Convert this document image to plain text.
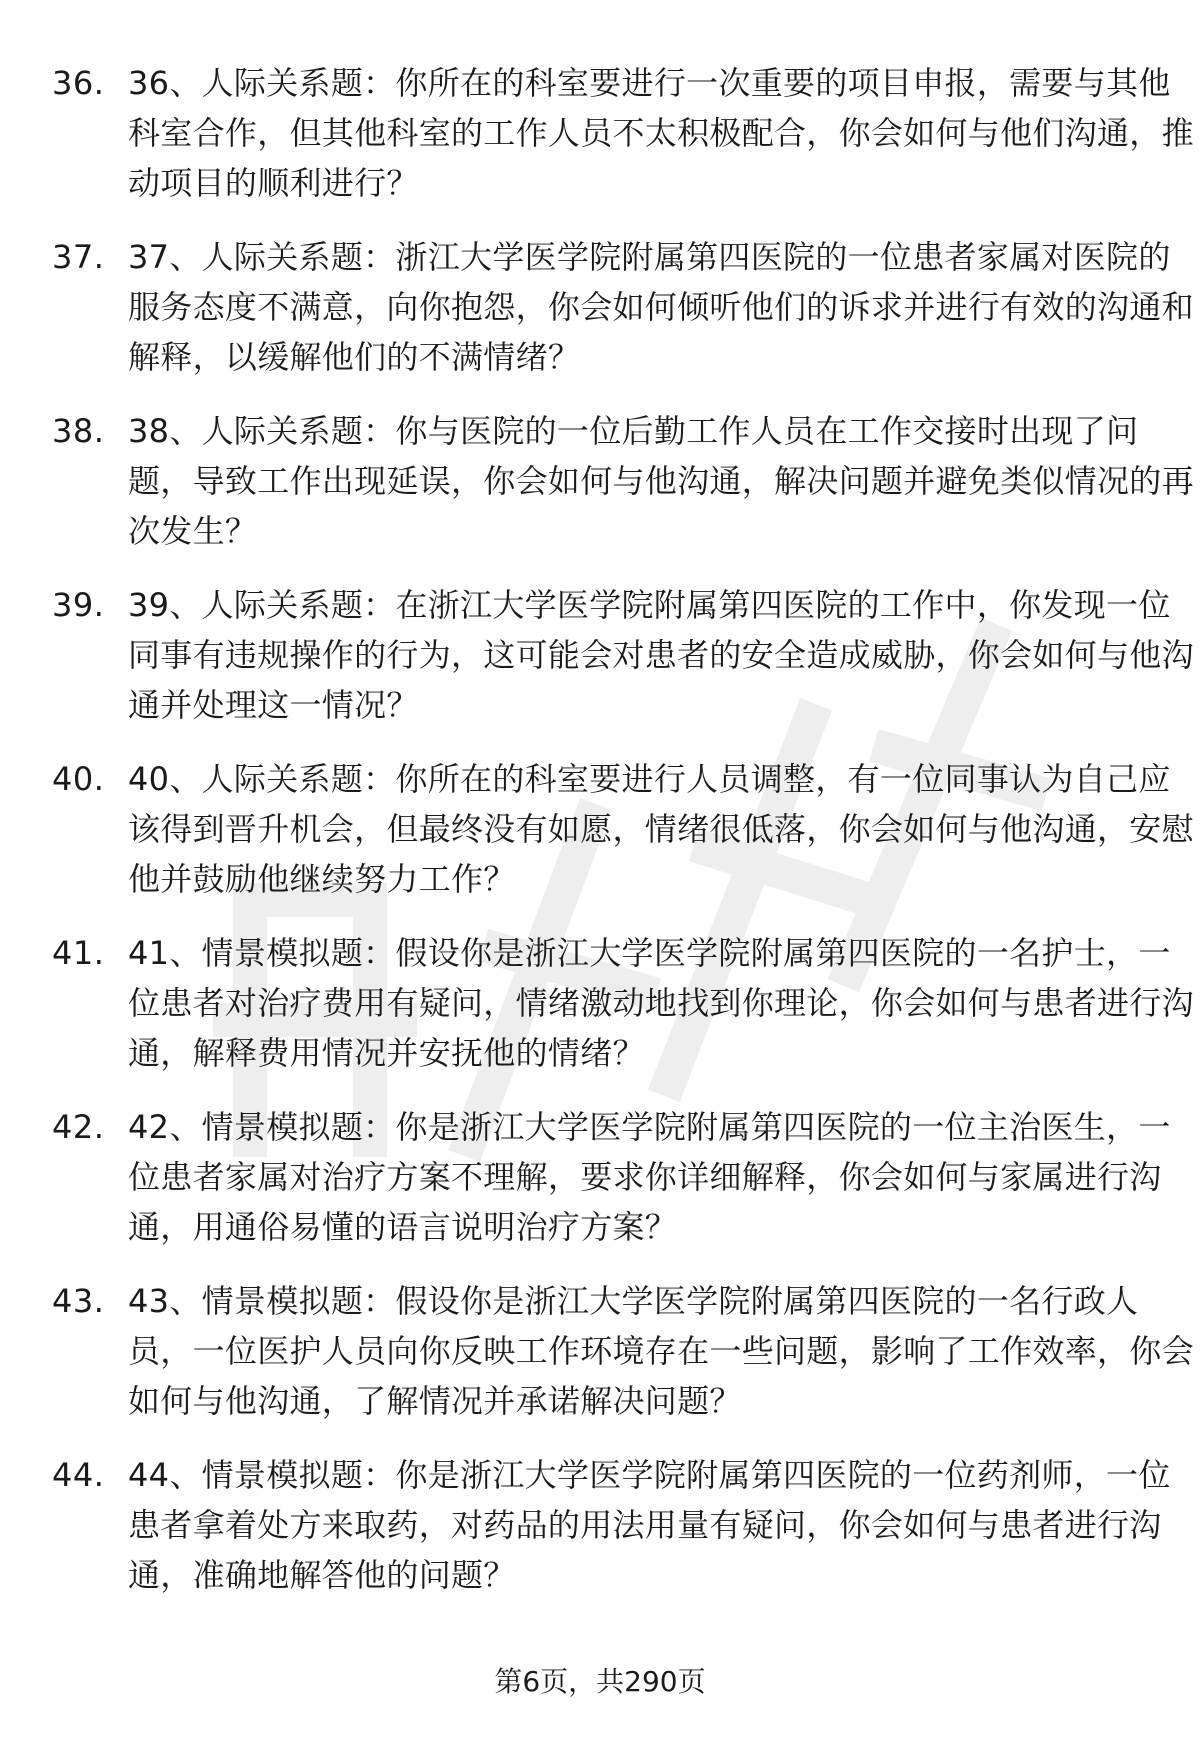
36. 36、人际关系题：你所在的科室要进行一次重要的项目申报，需要与其他科室合作，但其他科室的工作人员不太积极配合，你会如何与他们沟通，推动项目的顺利进行？
37. 37、人际关系题：浙江大学医学院附属第四医院的一位患者家属对医院的服务态度不满意，向你抱怨，你会如何倾听他们的诉求并进行有效的沟通和解释，以缓解他们的不满情绪？
38. 38、人际关系题：你与医院的一位后勤工作人员在工作交接时出现了问题，导致工作出现延误，你会如何与他沟通，解决问题并避免类似情况的再次发生？
39. 39、人际关系题：在浙江大学医学院附属第四医院的工作中，你发现一位同事有违规操作的行为，这可能会对患者的安全造成威胁，你会如何与他沟通并处理这一情况？
40. 40、人际关系题：你所在的科室要进行人员调整，有一位同事认为自己应该得到晋升机会，但最终没有如愿，情绪很低落，你会如何与他沟通，安慰他并鼓励他继续努力工作？
41. 41、情景模拟题：假设你是浙江大学医学院附属第四医院的一名护士，一位患者对治疗费用有疑问，情绪激动地找到你理论，你会如何与患者进行沟通，解释费用情况并安抚他的情绪？
42. 42、情景模拟题：你是浙江大学医学院附属第四医院的一位主治医生，一位患者家属对治疗方案不理解，要求你详细解释，你会如何与家属进行沟通，用通俗易懂的语言说明治疗方案？
43. 43、情景模拟题：假设你是浙江大学医学院附属第四医院的一名行政人员，一位医护人员向你反映工作环境存在一些问题，影响了工作效率，你会如何与他沟通，了解情况并承诺解决问题？
44. 44、情景模拟题：你是浙江大学医学院附属第四医院的一位药剂师，一位患者拿着处方来取药，对药品的用法用量有疑问，你会如何与患者进行沟通，准确地解答他的问题？
第6页，共290页
